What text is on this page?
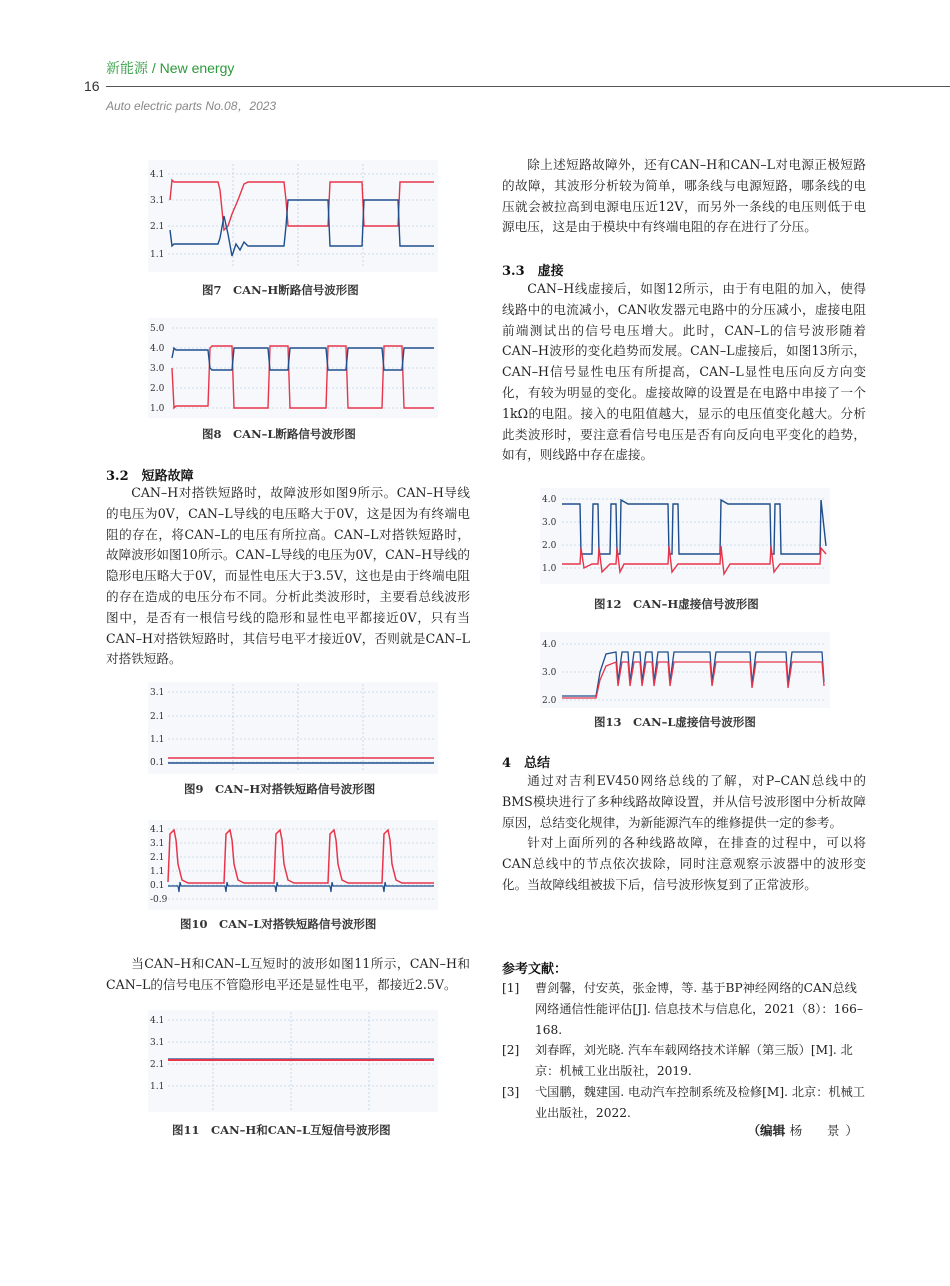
新能源 / New energy
16
Auto electric parts No.08，2023
4.1
3.1
2.1
1.1
图7　CAN–H断路信号波形图
5.0
4.0
3.0
2.0
1.0
图8　CAN–L断路信号波形图
3.2　短路故障

CAN–H对搭铁短路时，故障波形如图9所示。CAN–H导线的电压为0V，CAN–L导线的电压略大于0V，这是因为有终端电阻的存在，将CAN–L的电压有所拉高。CAN–L对搭铁短路时，故障波形如图10所示。CAN–L导线的电压为0V，CAN–H导线的隐形电压略大于0V，而显性电压大于3.5V，这也是由于终端电阻的存在造成的电压分布不同。分析此类波形时，主要看总线波形图中，是否有一根信号线的隐形和显性电平都接近0V，只有当CAN–H对搭铁短路时，其信号电平才接近0V，否则就是CAN–L对搭铁短路。

3.1
2.1
1.1
0.1
图9　CAN–H对搭铁短路信号波形图
4.1
3.1
2.1
1.1
0.1
-0.9
图10　CAN–L对搭铁短路信号波形图

当CAN–H和CAN–L互短时的波形如图11所示，CAN–H和CAN–L的信号电压不管隐形电平还是显性电平，都接近2.5V。

4.1
3.1
2.1
1.1
图11　CAN–H和CAN–L互短信号波形图

除上述短路故障外，还有CAN–H和CAN–L对电源正极短路的故障，其波形分析较为简单，哪条线与电源短路，哪条线的电压就会被拉高到电源电压近12V，而另外一条线的电压则低于电源电压，这是由于模块中有终端电阻的存在进行了分压。

3.3　虚接

CAN–H线虚接后，如图12所示，由于有电阻的加入，使得线路中的电流减小，CAN收发器元电路中的分压减小，虚接电阻前端测试出的信号电压增大。此时，CAN–L的信号波形随着CAN–H波形的变化趋势而发展。CAN–L虚接后，如图13所示，CAN–H信号显性电压有所提高，CAN–L显性电压向反方向变化，有较为明显的变化。虚接故障的设置是在电路中串接了一个1kΩ的电阻。接入的电阻值越大，显示的电压值变化越大。分析此类波形时，要注意看信号电压是否有向反向电平变化的趋势，如有，则线路中存在虚接。

4.0
3.0
2.0
1.0
图12　CAN–H虚接信号波形图
4.0
3.0
2.0
图13　CAN–L虚接信号波形图
4　总结

通过对吉利EV450网络总线的了解，对P–CAN总线中的BMS模块进行了多种线路故障设置，并从信号波形图中分析故障原因，总结变化规律，为新能源汽车的维修提供一定的参考。

针对上面所列的各种线路故障，在排查的过程中，可以将CAN总线中的节点依次拔除，同时注意观察示波器中的波形变化。当故障线组被拔下后，信号波形恢复到了正常波形。

参考文献：
[1]	曹剑馨，付安英，张金博，等. 基于BP神经网络的CAN总线网络通信性能评估[J]. 信息技术与信息化，2021（8）：166–168.
[2]	刘春晖，刘光晓. 汽车车载网络技术详解（第三版）[M]. 北京：机械工业出版社，2019.
[3]	弋国鹏，魏建国. 电动汽车控制系统及检修[M]. 北京：机械工业出版社，2022.
（编辑 杨　景）
